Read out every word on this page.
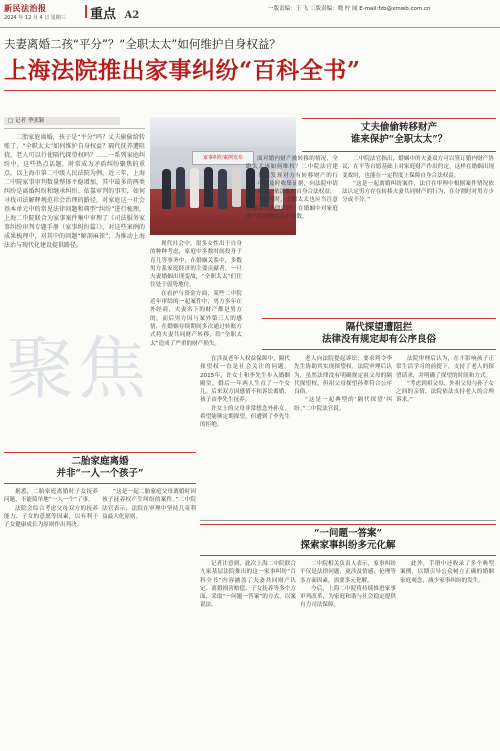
新民法治报
2024 年 12 月 4 日 星期三 重点 A2
一版责编：王 飞 二版责编：晓 柠 闻 E-mail:fzb@xmwb.com.cn
夫妻离婚二孩“平分”？“全职太太”如何维护自身权益？
上海法院推出家事纠纷“百科全书”
□ 记者 季张颖
二胎家庭离婚，孩子是“平分”吗？丈夫偷偷给转账了，“全职太太”如何维护自身权益？隔代抚养遭阻挠，老人可以行使隔代探望权吗？……一系列家庭纠纷中，这些热点话题，时常成为矛盾纠纷聚焦的重点。以上海市第二中级人民法院为例，近三年，上海二中院家事审判数量整体平稳增加，其中最多的两类纠纷是离婚纠纷和继承纠纷。依靠审判的事实，如何寻找司法解释规范社会治理的路径，对家庭这一社会基本单元中的常见法律问题和典型“纠纷”进行梳理，上海二中院联合为家事案件集中审理了《司法服务家事纠纷审判专题手册（家事纠纷篇）》，对这些案例的成果梳理中，对其中的问题“解剖麻雀”，为推动上海法治与现代化建设提供路径。
家事纠纷案例发布
丈夫偷偷转移财产
谁来保护“全职太太”？

现代社会中，很多女性出于自身的种种考虑，家庭中多数时间投身于育儿等事务中，在婚姻关系中，多数男方系家庭经济的主要贡献者，一旦夫妻婚姻出现变故，“全职太太”们往往处于弱势地位。

在看护与资金方面，某些二中院近年审结的一起案件中，男方多年在外经商，夫妻名下的财产都是男方的，而后男方因与案外第三人的感情，在婚姻存续期间多次通过转账方式将夫妻共同财产转移，给“全职太太”造成了严重的财产损失。

面对婚内财产被转移的情况，全职太太该如何维权？二中院法官建议，如果发现对方有转移财产的行为，可以及时收集证据，向法院申请财产保全，依法维护自身合法权益。

与此同时，全职太太也应当注意增强自身法律意识，在婚姻中对家庭财产状况做到心中有数。

二中院法官指出，婚姻中的夫妻双方可以签订婚内财产协议，在平等自愿基础上对家庭财产作出约定，这样在婚姻出现变故时，也能在一定程度上保障自身合法权益。

“这是一起离婚纠纷案件，法官在审理中根据案件情况依法认定男方存在转移夫妻共同财产的行为，在分割时对男方少分或不分。”

聚焦
隔代探望遭阻拦
法律没有规定却有公序良俗

在涉及老年人权益保障中，隔代探望权一直是社会关注的问题。2015年，许女士和李先生步入婚姻殿堂，婚后一年两人生育了一个女儿。后来双方因感情不和诉讼离婚，孩子由李先生抚养。

许女士的父母非常想念外孙女，希望能够定期探望，但遭到了李先生的拒绝。

老人向法院提起诉讼，要求判令李先生协助其实现探望权。法院审理后认为，虽然法律没有明确规定祖父母的隔代探望权，但祖父母探望孙辈符合公序良俗。

“这是一起典型的‘隔代探望’纠纷。”二中院法官说。

法院审理后认为，在不影响孩子正常生活学习的前提下，支持了老人的探望请求，并明确了探望的时间和方式。

“考虑到祖父母、外祖父母与孙子女之间的亲情，法院依法支持老人的合理诉求。”

二胎家庭离婚
并非“一人一个孩子”

据悉，二胎家庭离婚时子女抚养问题，不能简单地“一人一个”了事。

法院会综合考虑父母双方的抚养能力、子女的意愿等因素，以有利于子女健康成长为原则作出判决。

“这是一起二胎家庭父母离婚时因孩子抚养权产生纠纷的案件。”二中院法官表示，法院在审理中坚持儿童利益最大化原则。

“一问题一答案”
探索家事纠纷多元化解

记者注意到，此次上海二中院联合九家基层法院推出的这一家事纠纷“百科全书”内容涵盖了夫妻共同财产认定、离婚损害赔偿、子女抚养等多个方面，采取“一问题一答案”的方式，以案说法。

二中院相关负责人表示，家事纠纷不仅是法律问题，更涉及情感、伦理等多方面因素，需要多元化解。

今后，上海二中院将持续推进家事审判改革，为家庭和谐与社会稳定提供有力司法保障。

此外，手册中还收录了多个典型案例，以期引导公众树立正确的婚姻家庭观念，减少家事纠纷的发生。
